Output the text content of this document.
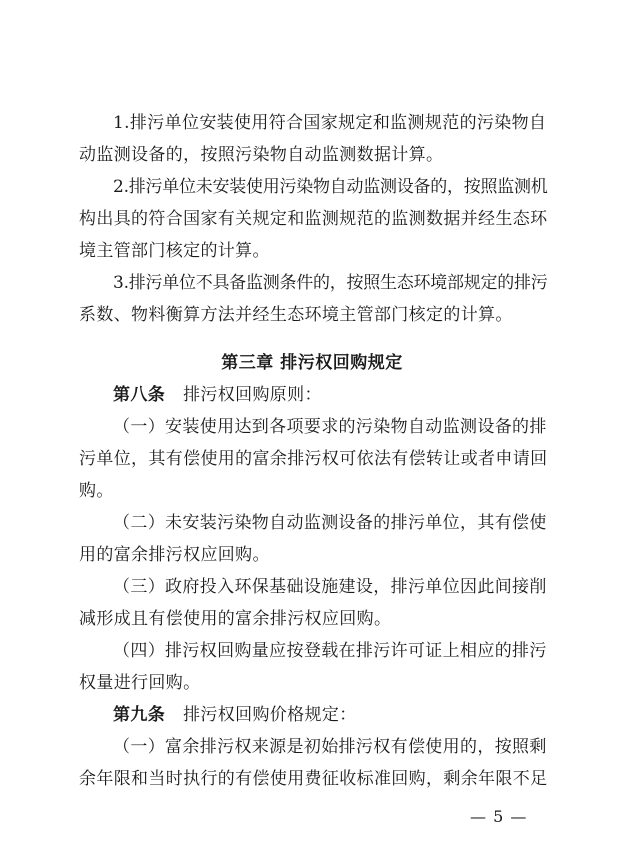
1.排污单位安装使用符合国家规定和监测规范的污染物自
动监测设备的，按照污染物自动监测数据计算。
2.排污单位未安装使用污染物自动监测设备的，按照监测机
构出具的符合国家有关规定和监测规范的监测数据并经生态环
境主管部门核定的计算。
3.排污单位不具备监测条件的，按照生态环境部规定的排污
系数、物料衡算方法并经生态环境主管部门核定的计算。
第三章 排污权回购规定
第八条 排污权回购原则：
（一）安装使用达到各项要求的污染物自动监测设备的排
污单位，其有偿使用的富余排污权可依法有偿转让或者申请回
购。
（二）未安装污染物自动监测设备的排污单位，其有偿使
用的富余排污权应回购。
（三）政府投入环保基础设施建设，排污单位因此间接削
减形成且有偿使用的富余排污权应回购。
（四）排污权回购量应按登载在排污许可证上相应的排污
权量进行回购。
第九条 排污权回购价格规定：
（一）富余排污权来源是初始排污权有偿使用的，按照剩
余年限和当时执行的有偿使用费征收标准回购，剩余年限不足
— 5 —
